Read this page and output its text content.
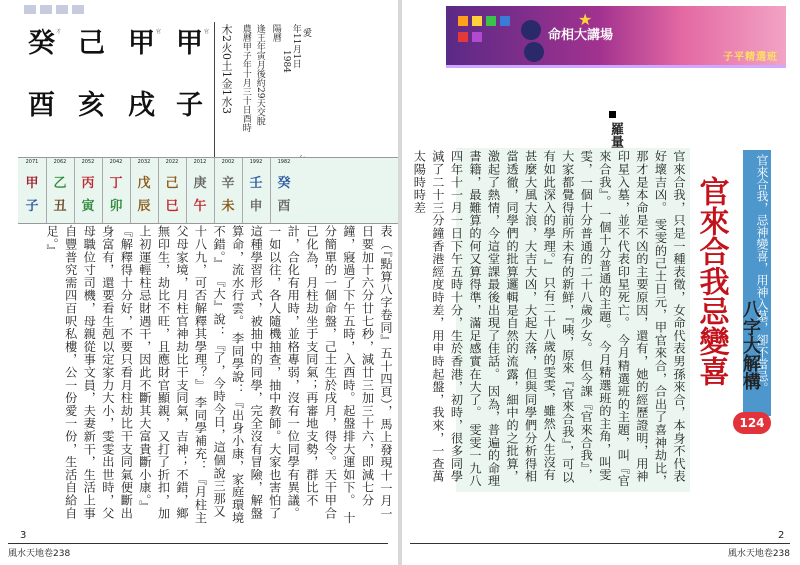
癸 己 甲 甲
才	官	官
酉 亥 戌 子 木2火0土1金1水3 農曆甲子年十月三十日酉時 逢王年寅月後約29天交脫 陽曆
1984 年11月1日 愛
2071
甲
子
2062
乙
丑
2052
丙
寅
2042
丁
卯
2032
戊
辰
2022
己
巳
2012
庚
午
2002
辛
未
1992
壬
申
1982
癸
酉
表（『點算八字卷同』五十四頁），馬上發現十一月一日要加十六分廿七秒，減廿三加三十六，即減七分鐘，寢過了下午五時，入酉時。起盤排大運如下。 十分簡單的一個命盤，己土生於戌月，得令。天干甲合己化為，月柱劫坐于支同氣；再審地支勢，群比不計，合化有用時，並格專弱，沒有一位同學有異議。 一如以往，各人隨機抽查，抽中教師。大家也害怕了這種學習形式，被抽中的同學，完全沒有冒險，解盤算命，流水行雲。 李同學說：『出身小康，家庭環境不錯。』 『大』說：『了，今時今日，這個說三那又十八九，可否解釋其學理？』 李同學補充：『月柱主父母家境，月柱官神劫比干支同氣，吉神；不錯，鄉無印生，劫比不旺，且應財官顯親，又打了折扣，加上初運輕柱忌財遇干，因此不斷其大富貴斷小康。』 『解釋得十分好，不要只看月柱劫比干支同氣便斷出身富有，還要看生剋以定家力大小，雯雯出世時，父母職位寸司機，母親從事文員，夫妻新干，生活上事自豐普究需四百呎私樓，公一份愛一份，生活自給自足。』
3
風水天地卷238
★
命相大講場
子平精選班
羅量
官來合我，只是一種表徵，女命代表男孫來合，本身不代表好壞吉凶。 雯雯的己土日元，甲官來合，合出了喜神劫比，那才是本命是不凶的主要原因，還有，她的經歷證明，用神印星入墓，並不代表印星死亡。 今月精選班的主題，叫『官來合我』。一個十分普通的主題。 今月精選班的主角，叫雯雯，一個十分普通的二十八歲少女。 但今課『官來合我』，大家都覺得前所未有的新鮮，『咦，原來『官來合我』，可以有如此深入的學理。』 只有二十八歲的雯雯，雖然人生沒有甚麼大風大浪，大吉大凶，大起大落，但與同學們分析得相當透徹，同學們的批算邏輯是自然的流露，細中的之批算，激起了熱情，今這堂課最後出現了佳話。 因為，普遍的命理書籍，最難算的何又算得準，滿足感實在大了。 雯雯一九八四年十一月一日下午五時十分，生於香港，初時，很多同學減了二十三分鐘香港經度時差，用申時起盤，我來，一查萬太陽時時差	官來合我忌變喜	官來合我，忌神變喜，用神入墓，卻不當忌。
八字大解構
124
2
風水天地卷238
